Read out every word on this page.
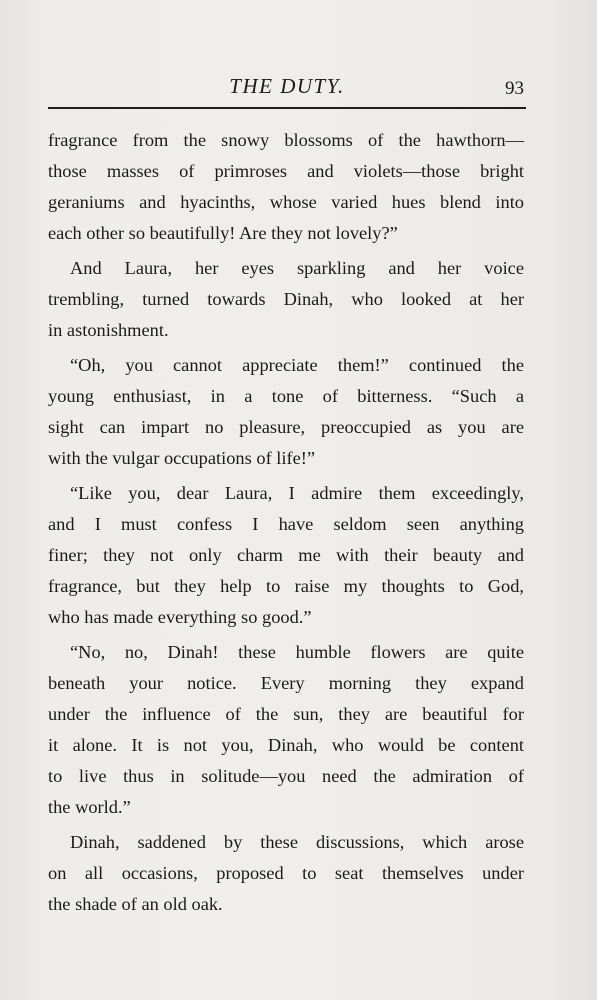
THE DUTY.	93
fragrance from the snowy blossoms of the hawthorn—
those masses of primroses and violets—those bright
geraniums and hyacinths, whose varied hues blend into
each other so beautifully! Are they not lovely?”
And Laura, her eyes sparkling and her voice
trembling, turned towards Dinah, who looked at her
in astonishment.
“Oh, you cannot appreciate them!” continued the
young enthusiast, in a tone of bitterness. “Such a
sight can impart no pleasure, preoccupied as you are
with the vulgar occupations of life!”
“Like you, dear Laura, I admire them exceedingly,
and I must confess I have seldom seen anything
finer; they not only charm me with their beauty and
fragrance, but they help to raise my thoughts to God,
who has made everything so good.”
“No, no, Dinah! these humble flowers are quite
beneath your notice. Every morning they expand
under the influence of the sun, they are beautiful for
it alone. It is not you, Dinah, who would be content
to live thus in solitude—you need the admiration of
the world.”
Dinah, saddened by these discussions, which arose
on all occasions, proposed to seat themselves under
the shade of an old oak.
